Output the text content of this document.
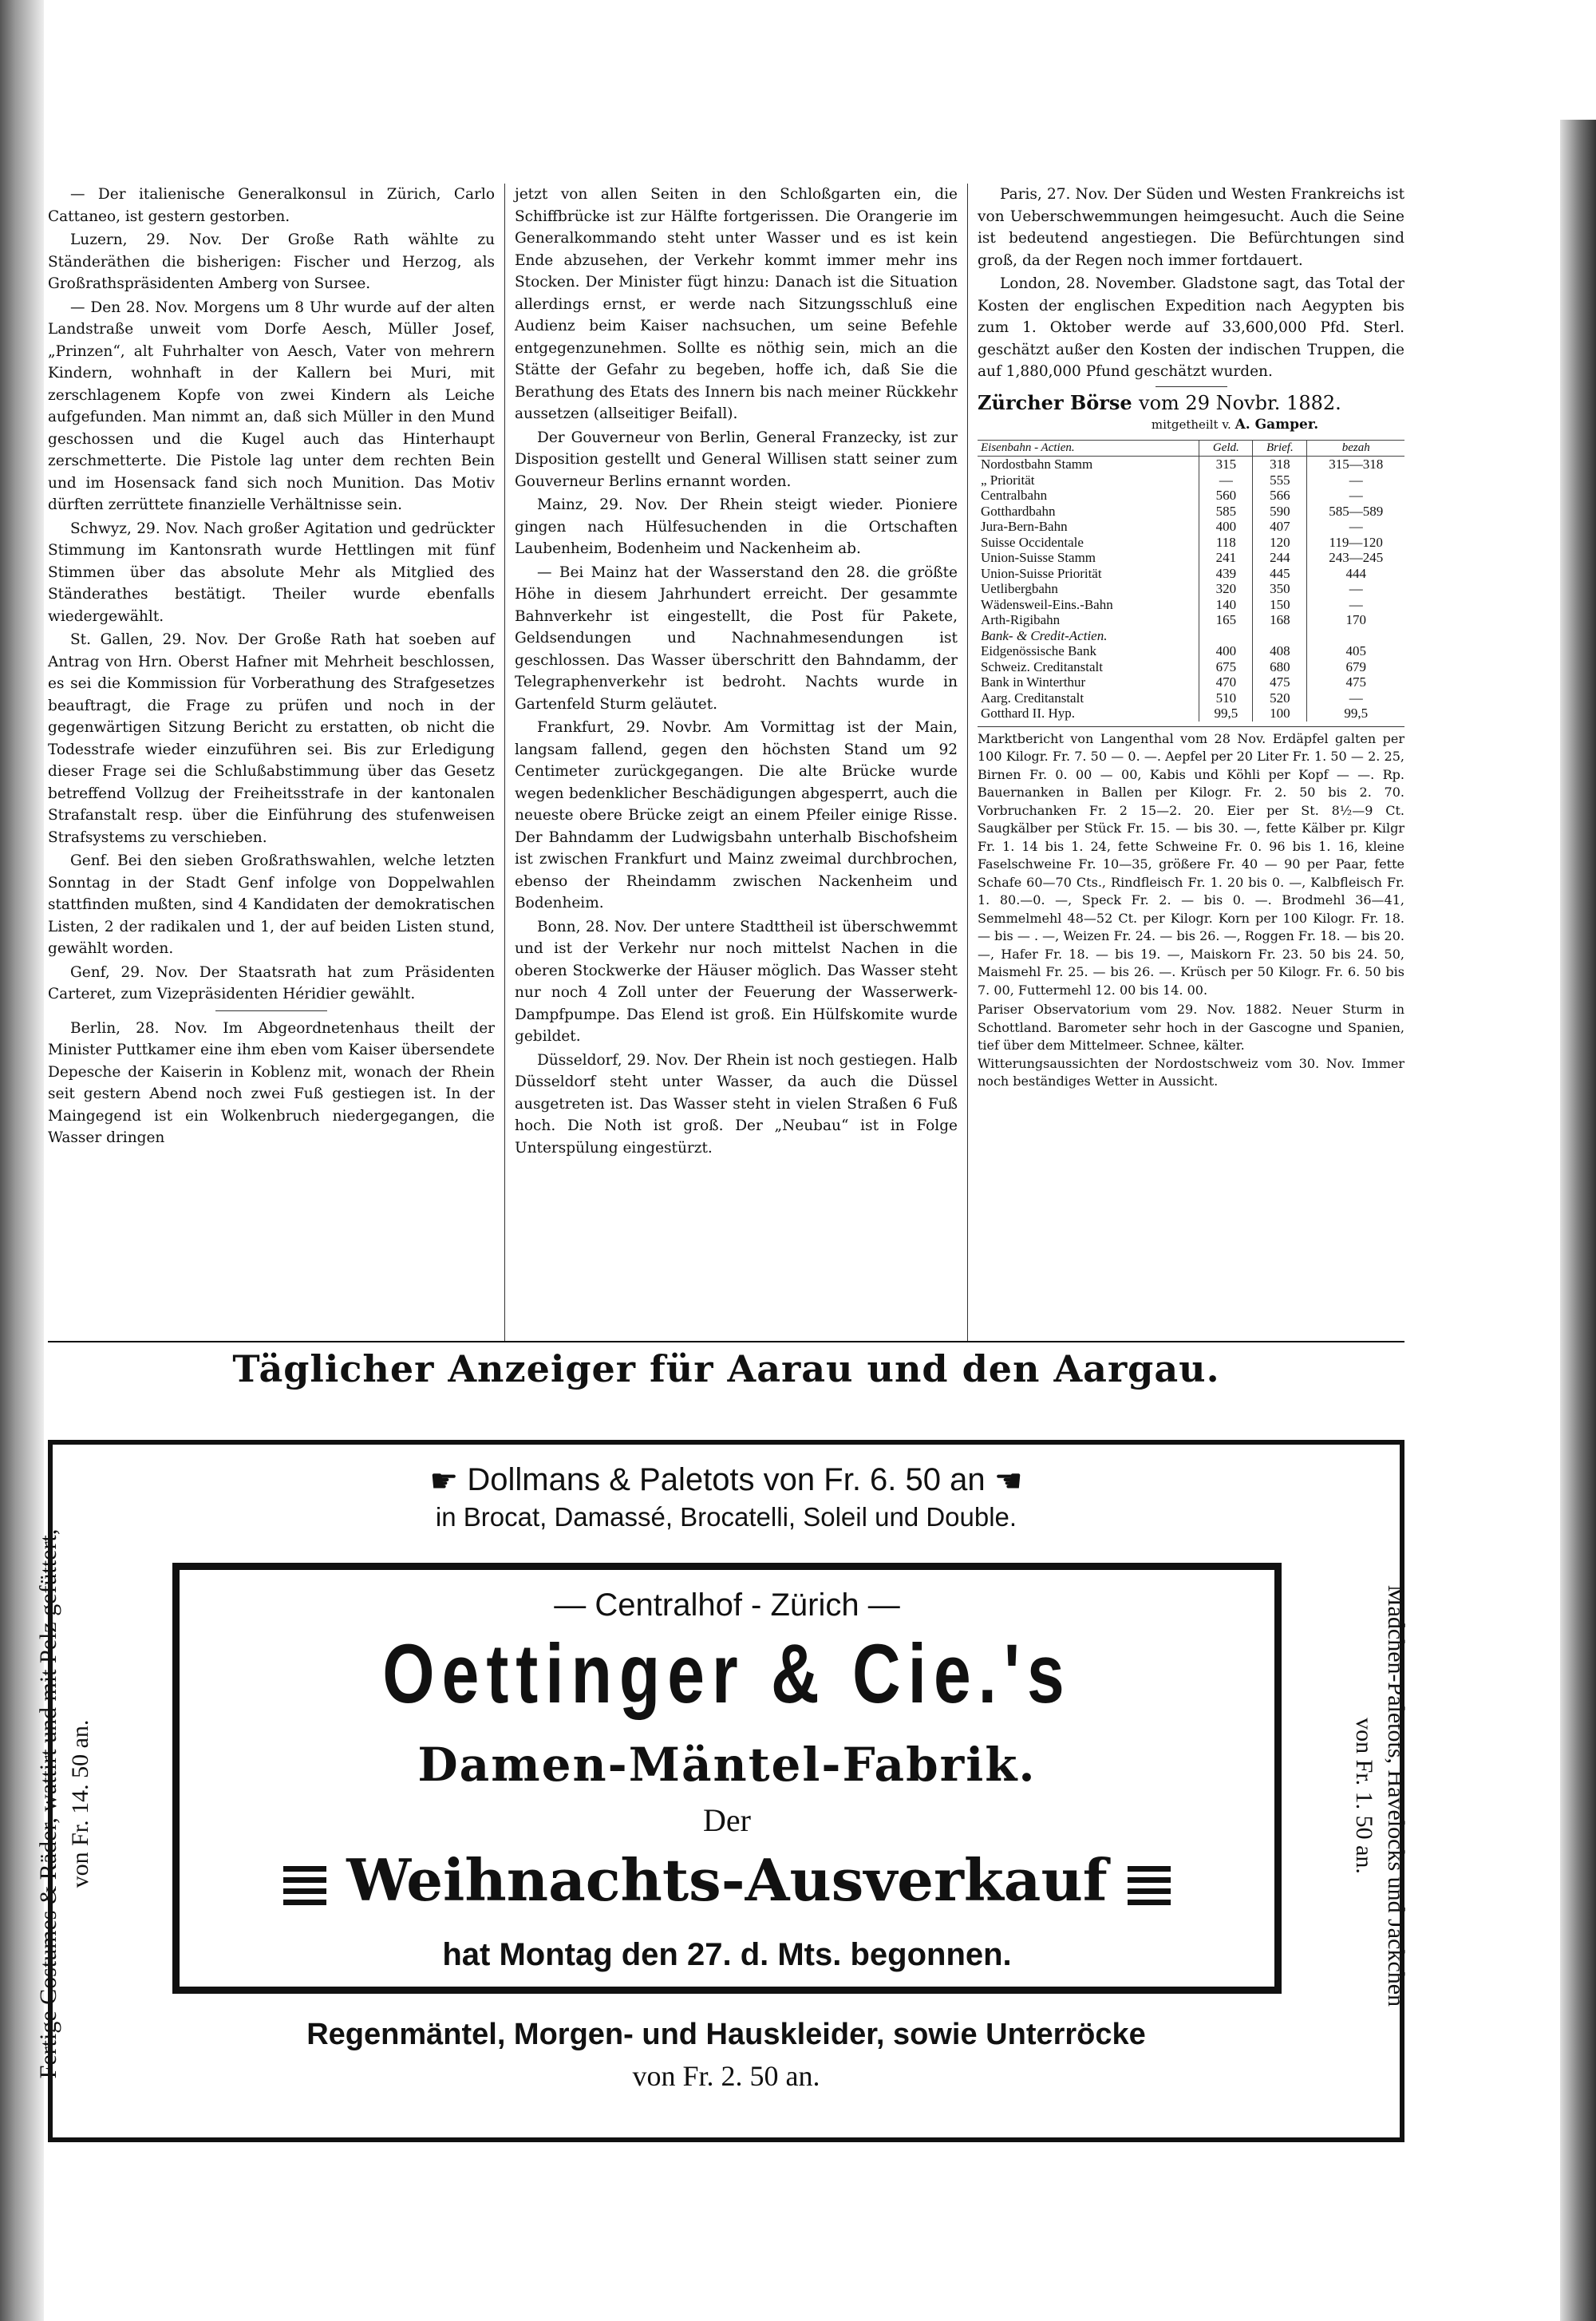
— Der italienische Generalkonsul in Zürich, Carlo Cattaneo, ist gestern gestorben.

Luzern, 29. Nov. Der Große Rath wählte zu Ständeräthen die bisherigen: Fischer und Herzog, als Großrathspräsidenten Amberg von Sursee.

— Den 28. Nov. Morgens um 8 Uhr wurde auf der alten Landstraße unweit vom Dorfe Aesch, Müller Josef, „Prinzen“, alt Fuhrhalter von Aesch, Vater von mehrern Kindern, wohnhaft in der Kallern bei Muri, mit zerschlagenem Kopfe von zwei Kindern als Leiche aufgefunden. Man nimmt an, daß sich Müller in den Mund geschossen und die Kugel auch das Hinterhaupt zerschmetterte. Die Pistole lag unter dem rechten Bein und im Hosensack fand sich noch Munition. Das Motiv dürften zerrüttete finanzielle Verhältnisse sein.

Schwyz, 29. Nov. Nach großer Agitation und gedrückter Stimmung im Kantonsrath wurde Hettlingen mit fünf Stimmen über das absolute Mehr als Mitglied des Ständerathes bestätigt. Theiler wurde ebenfalls wiedergewählt.

St. Gallen, 29. Nov. Der Große Rath hat soeben auf Antrag von Hrn. Oberst Hafner mit Mehrheit beschlossen, es sei die Kommission für Vorberathung des Strafgesetzes beauftragt, die Frage zu prüfen und noch in der gegenwärtigen Sitzung Bericht zu erstatten, ob nicht die Todesstrafe wieder einzuführen sei. Bis zur Erledigung dieser Frage sei die Schlußabstimmung über das Gesetz betreffend Vollzug der Freiheitsstrafe in der kantonalen Strafanstalt resp. über die Einführung des stufenweisen Strafsystems zu verschieben.

Genf. Bei den sieben Großrathswahlen, welche letzten Sonntag in der Stadt Genf infolge von Doppelwahlen stattfinden mußten, sind 4 Kandidaten der demokratischen Listen, 2 der radikalen und 1, der auf beiden Listen stund, gewählt worden.

Genf, 29. Nov. Der Staatsrath hat zum Präsidenten Carteret, zum Vizepräsidenten Héridier gewählt.

Berlin, 28. Nov. Im Abgeordnetenhaus theilt der Minister Puttkamer eine ihm eben vom Kaiser übersendete Depesche der Kaiserin in Koblenz mit, wonach der Rhein seit gestern Abend noch zwei Fuß gestiegen ist. In der Maingegend ist ein Wolkenbruch niedergegangen, die Wasser dringen

jetzt von allen Seiten in den Schloßgarten ein, die Schiffbrücke ist zur Hälfte fortgerissen. Die Orangerie im Generalkommando steht unter Wasser und es ist kein Ende abzusehen, der Verkehr kommt immer mehr ins Stocken. Der Minister fügt hinzu: Danach ist die Situation allerdings ernst, er werde nach Sitzungsschluß eine Audienz beim Kaiser nachsuchen, um seine Befehle entgegenzunehmen. Sollte es nöthig sein, mich an die Stätte der Gefahr zu begeben, hoffe ich, daß Sie die Berathung des Etats des Innern bis nach meiner Rückkehr aussetzen (allseitiger Beifall).

Der Gouverneur von Berlin, General Franzecky, ist zur Disposition gestellt und General Willisen statt seiner zum Gouverneur Berlins ernannt worden.

Mainz, 29. Nov. Der Rhein steigt wieder. Pioniere gingen nach Hülfesuchenden in die Ortschaften Laubenheim, Bodenheim und Nackenheim ab.

— Bei Mainz hat der Wasserstand den 28. die größte Höhe in diesem Jahrhundert erreicht. Der gesammte Bahnverkehr ist eingestellt, die Post für Pakete, Geldsendungen und Nachnahmesendungen ist geschlossen. Das Wasser überschritt den Bahndamm, der Telegraphenverkehr ist bedroht. Nachts wurde in Gartenfeld Sturm geläutet.

Frankfurt, 29. Novbr. Am Vormittag ist der Main, langsam fallend, gegen den höchsten Stand um 92 Centimeter zurückgegangen. Die alte Brücke wurde wegen bedenklicher Beschädigungen abgesperrt, auch die neueste obere Brücke zeigt an einem Pfeiler einige Risse. Der Bahndamm der Ludwigsbahn unterhalb Bischofsheim ist zwischen Frankfurt und Mainz zweimal durchbrochen, ebenso der Rheindamm zwischen Nackenheim und Bodenheim.

Bonn, 28. Nov. Der untere Stadttheil ist überschwemmt und ist der Verkehr nur noch mittelst Nachen in die oberen Stockwerke der Häuser möglich. Das Wasser steht nur noch 4 Zoll unter der Feuerung der Wasserwerk-Dampfpumpe. Das Elend ist groß. Ein Hülfskomite wurde gebildet.

Düsseldorf, 29. Nov. Der Rhein ist noch gestiegen. Halb Düsseldorf steht unter Wasser, da auch die Düssel ausgetreten ist. Das Wasser steht in vielen Straßen 6 Fuß hoch. Die Noth ist groß. Der „Neubau“ ist in Folge Unterspülung eingestürzt.

Paris, 27. Nov. Der Süden und Westen Frankreichs ist von Ueberschwemmungen heimgesucht. Auch die Seine ist bedeutend angestiegen. Die Befürchtungen sind groß, da der Regen noch immer fortdauert.

London, 28. November. Gladstone sagt, das Total der Kosten der englischen Expedition nach Aegypten bis zum 1. Oktober werde auf 33,600,000 Pfd. Sterl. geschätzt außer den Kosten der indischen Truppen, die auf 1,880,000 Pfund geschätzt wurden.

Zürcher Börse vom 29 Novbr. 1882.
mitgetheilt v. A. Gamper.
Eisenbahn - Actien.	Geld.	Brief.	bezah
Nordostbahn Stamm	315	318	315—318
„ Priorität	—	555	—
Centralbahn	560	566	—
Gotthardbahn	585	590	585—589
Jura-Bern-Bahn	400	407	—
Suisse Occidentale	118	120	119—120
Union-Suisse Stamm	241	244	243—245
Union-Suisse Priorität	439	445	444
Uetlibergbahn	320	350	—
Wädensweil-Eins.-Bahn	140	150	—
Arth-Rigibahn	165	168	170
Bank- & Credit-Actien.			
Eidgenössische Bank	400	408	405
Schweiz. Creditanstalt	675	680	679
Bank in Winterthur	470	475	475
Aarg. Creditanstalt	510	520	—
Gotthard II. Hyp.	99,5	100	99,5
Marktbericht von Langenthal vom 28 Nov. Erdäpfel galten per 100 Kilogr. Fr. 7. 50 — 0. —. Aepfel per 20 Liter Fr. 1. 50 — 2. 25, Birnen Fr. 0. 00 — 00, Kabis und Köhli per Kopf — —. Rp. Bauernanken in Ballen per Kilogr. Fr. 2. 50 bis 2. 70. Vorbruchanken Fr. 2 15—2. 20. Eier per St. 8½—9 Ct. Saugkälber per Stück Fr. 15. — bis 30. —, fette Kälber pr. Kilgr Fr. 1. 14 bis 1. 24, fette Schweine Fr. 0. 96 bis 1. 16, kleine Faselschweine Fr. 10—35, größere Fr. 40 — 90 per Paar, fette Schafe 60—70 Cts., Rindfleisch Fr. 1. 20 bis 0. —, Kalbfleisch Fr. 1. 80.—0. —, Speck Fr. 2. — bis 0. —. Brodmehl 36—41, Semmelmehl 48—52 Ct. per Kilogr. Korn per 100 Kilogr. Fr. 18. — bis — . —, Weizen Fr. 24. — bis 26. —, Roggen Fr. 18. — bis 20. —, Hafer Fr. 18. — bis 19. —, Maiskorn Fr. 23. 50 bis 24. 50, Maismehl Fr. 25. — bis 26. —. Krüsch per 50 Kilogr. Fr. 6. 50 bis 7. 00, Futtermehl 12. 00 bis 14. 00.
Pariser Observatorium vom 29. Nov. 1882. Neuer Sturm in Schottland. Barometer sehr hoch in der Gascogne und Spanien, tief über dem Mittelmeer. Schnee, kälter.
Witterungsaussichten der Nordostschweiz vom 30. Nov. Immer noch beständiges Wetter in Aussicht.
Täglicher Anzeiger für Aarau und den Aargau.
☛ Dollmans & Paletots von Fr. 6. 50 an ☚
in Brocat, Damassé, Brocatelli, Soleil und Double.
Fertige Costumes & Räder, wattirt und mit Pelz gefüttert, von Fr. 14. 50 an.	Mädchen-Paletots, Havelocks und Jäckchen
von Fr. 1. 50 an.
— Centralhof - Zürich —
Oettinger & Cie.'s
Damen-Mäntel-Fabrik.
Der
Weihnachts-Ausverkauf
hat Montag den 27. d. Mts. begonnen.
Regenmäntel, Morgen- und Hauskleider, sowie Unterröcke
von Fr. 2. 50 an.
